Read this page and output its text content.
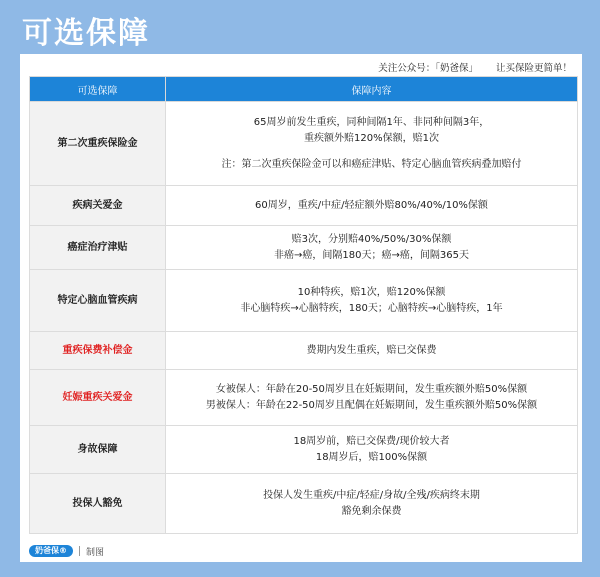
可选保障
关注公众号：「奶爸保」 让买保险更简单！
可选保障	保障内容
第二次重疾保险金	65周岁前发生重疾，同种间隔1年、非同种间隔3年，
重疾额外赔120%保额，赔1次
注：第二次重疾保险金可以和癌症津贴、特定心脑血管疾病叠加赔付

疾病关爱金	60周岁，重疾/中症/轻症额外赔80%/40%/10%保额

癌症治疗津贴	赔3次，分别赔40%/50%/30%保额
非癌→癌，间隔180天；癌→癌，间隔365天

特定心脑血管疾病	10种特疾，赔1次，赔120%保额
非心脑特疾→心脑特疾，180天；心脑特疾→心脑特疾，1年

重疾保费补偿金	费期内发生重疾，赔已交保费

妊娠重疾关爱金	女被保人：年龄在20-50周岁且在妊娠期间，发生重疾额外赔50%保额
男被保人：年龄在22-50周岁且配偶在妊娠期间，发生重疾额外赔50%保额

身故保障	18周岁前，赔已交保费/现价较大者
18周岁后，赔100%保额

投保人豁免	投保人发生重疾/中症/轻症/身故/全残/疾病终末期
豁免剩余保费
奶爸保®	制图
